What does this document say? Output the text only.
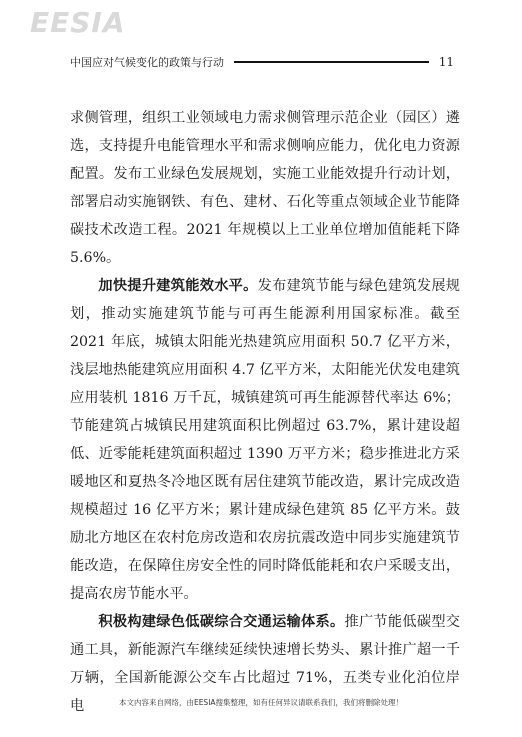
EESIA
中国应对气候变化的政策与行动	11

求侧管理，组织工业领域电力需求侧管理示范企业（园区）遴选，支持提升电能管理水平和需求侧响应能力，优化电力资源配置。发布工业绿色发展规划，实施工业能效提升行动计划，部署启动实施钢铁、有色、建材、石化等重点领域企业节能降碳技术改造工程。2021 年规模以上工业单位增加值能耗下降 5.6%。

加快提升建筑能效水平。发布建筑节能与绿色建筑发展规划，推动实施建筑节能与可再生能源利用国家标准。截至 2021 年底，城镇太阳能光热建筑应用面积 50.7 亿平方米，浅层地热能建筑应用面积 4.7 亿平方米，太阳能光伏发电建筑应用装机 1816 万千瓦，城镇建筑可再生能源替代率达 6%；节能建筑占城镇民用建筑面积比例超过 63.7%，累计建设超低、近零能耗建筑面积超过 1390 万平方米；稳步推进北方采暖地区和夏热冬冷地区既有居住建筑节能改造，累计完成改造规模超过 16 亿平方米；累计建成绿色建筑 85 亿平方米。鼓励北方地区在农村危房改造和农房抗震改造中同步实施建筑节能改造，在保障住房安全性的同时降低能耗和农户采暖支出，提高农房节能水平。

积极构建绿色低碳综合交通运输体系。推广节能低碳型交通工具，新能源汽车继续延续快速增长势头、累计推广超一千万辆，全国新能源公交车占比超过 71%，五类专业化泊位岸电	本文内容来自网络，由EESIA搜集整理，如有任何异议请联系我们，我们将删除处理！
